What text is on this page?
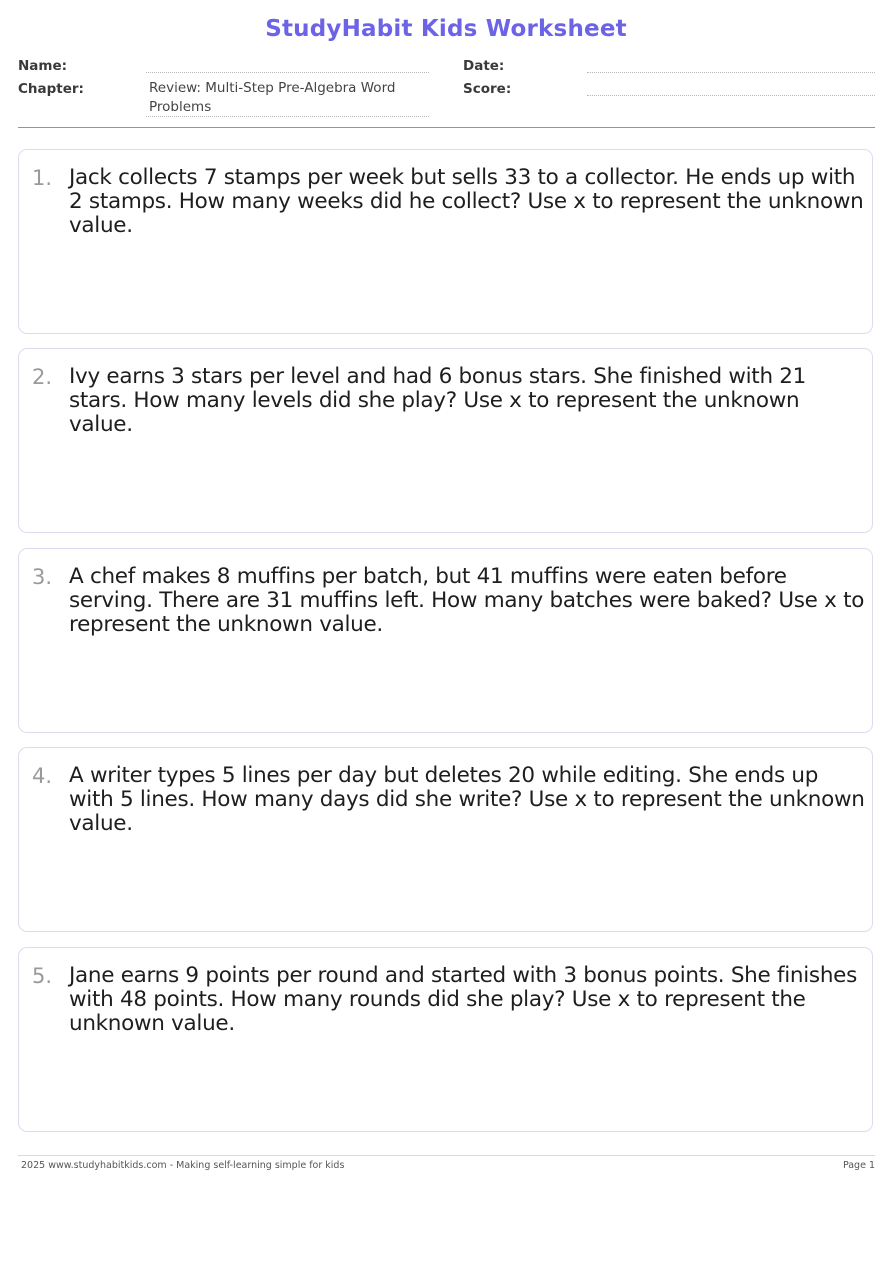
StudyHabit Kids Worksheet
Name:	Date:
Chapter:	Review: Multi-Step Pre-Algebra Word Problems
Score:
1. Jack collects 7 stamps per week but sells 33 to a collector. He ends up with 2 stamps. How many weeks did he collect? Use x to represent the unknown value.
2. Ivy earns 3 stars per level and had 6 bonus stars. She finished with 21 stars. How many levels did she play? Use x to represent the unknown value.
3. A chef makes 8 muffins per batch, but 41 muffins were eaten before serving. There are 31 muffins left. How many batches were baked? Use x to represent the unknown value.
4. A writer types 5 lines per day but deletes 20 while editing. She ends up with 5 lines. How many days did she write? Use x to represent the unknown value.
5. Jane earns 9 points per round and started with 3 bonus points. She finishes with 48 points. How many rounds did she play? Use x to represent the unknown value.
2025 www.studyhabitkids.com - Making self-learning simple for kids	Page 1
